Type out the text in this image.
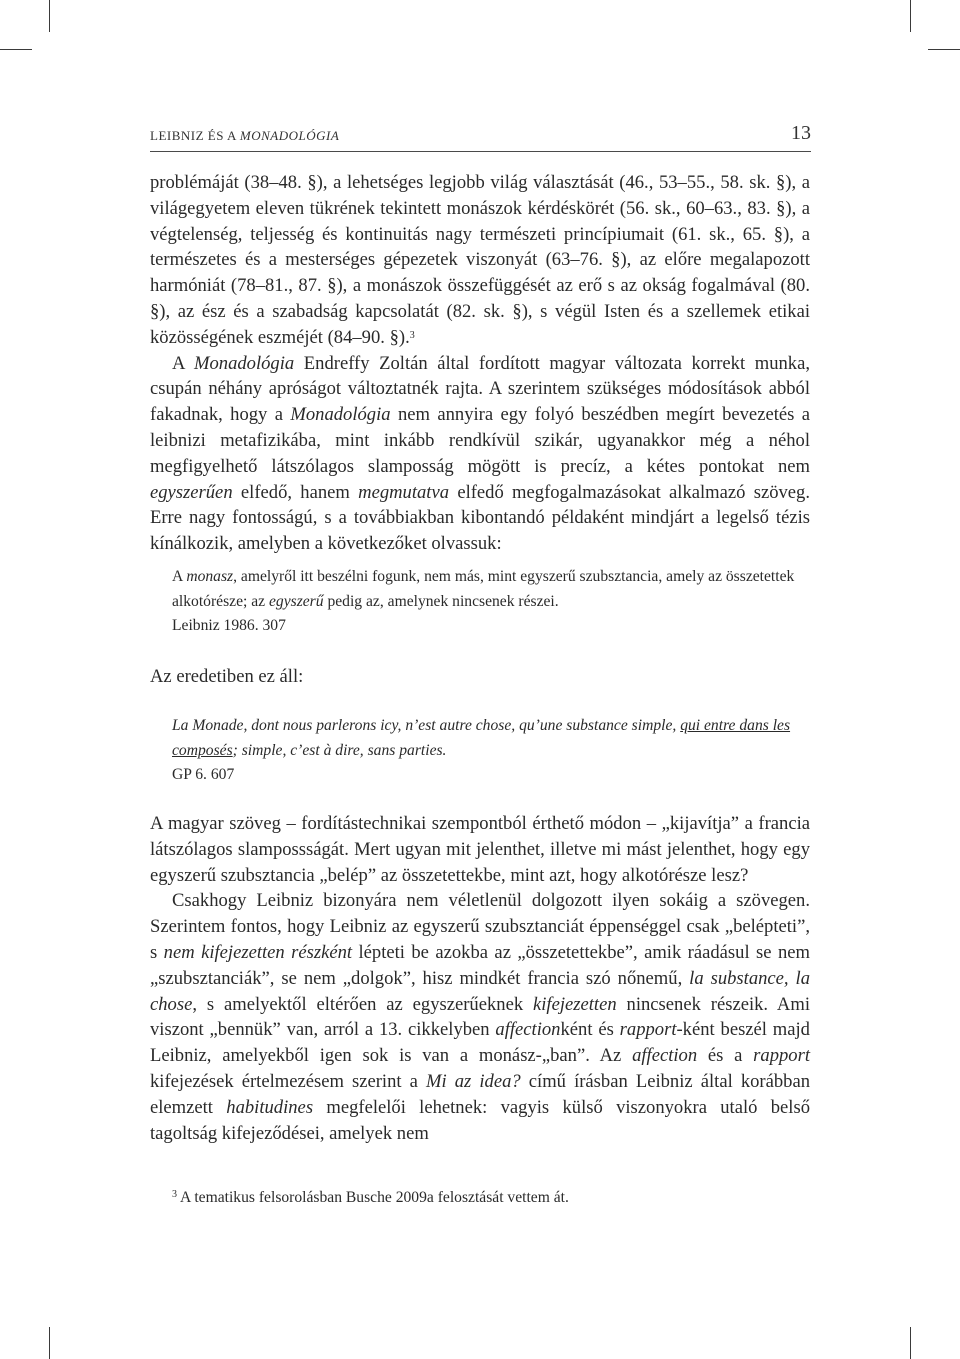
LEIBNIZ ÉS A MONADOLÓGIA	13

problémáját (38–48. §), a lehetséges legjobb világ választását (46., 53–55., 58. sk. §), a világegyetem eleven tükrének tekintett monászok kérdéskörét (56. sk., 60–63., 83. §), a végtelenség, teljesség és kontinuitás nagy természeti princípiumait (61. sk., 65. §), a természetes és a mesterséges gépezetek viszonyát (63–76. §), az előre megalapozott harmóniát (78–81., 87. §), a monászok összefüggését az erő s az okság fogalmával (80. §), az ész és a szabadság kapcsolatát (82. sk. §), s végül Isten és a szellemek etikai közösségének eszméjét (84–90. §).$^3$

A Monadológia Endreffy Zoltán által fordított magyar változata korrekt munka, csupán néhány apróságot változtatnék rajta. A szerintem szükséges módosítások abból fakadnak, hogy a Monadológia nem annyira egy folyó beszédben megírt bevezetés a leibnizi metafizikába, mint inkább rendkívül szikár, ugyanakkor még a néhol megfigyelhető látszólagos slamposság mögött is precíz, a kétes pontokat nem egyszerűen elfedő, hanem megmutatva elfedő megfogalmazásokat alkalmazó szöveg. Erre nagy fontosságú, s a továbbiakban kibontandó példaként mindjárt a legelső tézis kínálkozik, amelyben a következőket olvassuk:

A monasz, amelyről itt beszélni fogunk, nem más, mint egyszerű szubsztancia, amely az összetettek alkotórésze; az egyszerű pedig az, amelynek nincsenek részei.

Leibniz 1986. 307

Az eredetiben ez áll:

La Monade, dont nous parlerons icy, n’est autre chose, qu’une substance simple, qui entre dans les composés; simple, c’est à dire, sans parties.

GP 6. 607

A magyar szöveg – fordítástechnikai szempontból érthető módon – „kijavítja” a francia látszólagos slampossságát. Mert ugyan mit jelenthet, illetve mi mást jelenthet, hogy egy egyszerű szubsztancia „belép” az összetettekbe, mint azt, hogy alkotórésze lesz?

Csakhogy Leibniz bizonyára nem véletlenül dolgozott ilyen sokáig a szövegen. Szerintem fontos, hogy Leibniz az egyszerű szubsztanciát éppenséggel csak „belépteti”, s nem kifejezetten részként lépteti be azokba az „összetettekbe”, amik ráadásul se nem „szubsztanciák”, se nem „dolgok”, hisz mindkét francia szó nőnemű, la substance, la chose, s amelyektől eltérően az egyszerűeknek kifejezetten nincsenek részeik. Ami viszont „bennük” van, arról a 13. cikkelyben affectionként és rapport-ként beszél majd Leibniz, amelyekből igen sok is van a monász-„ban”. Az affection és a rapport kifejezések értelmezésem szerint a Mi az idea? című írásban Leibniz által korábban elemzett habitudines megfelelői lehetnek: vagyis külső viszonyokra utaló belső tagoltság kifejeződései, amelyek nem

$^3$ A tematikus felsorolásban Busche 2009a felosztását vettem át.
